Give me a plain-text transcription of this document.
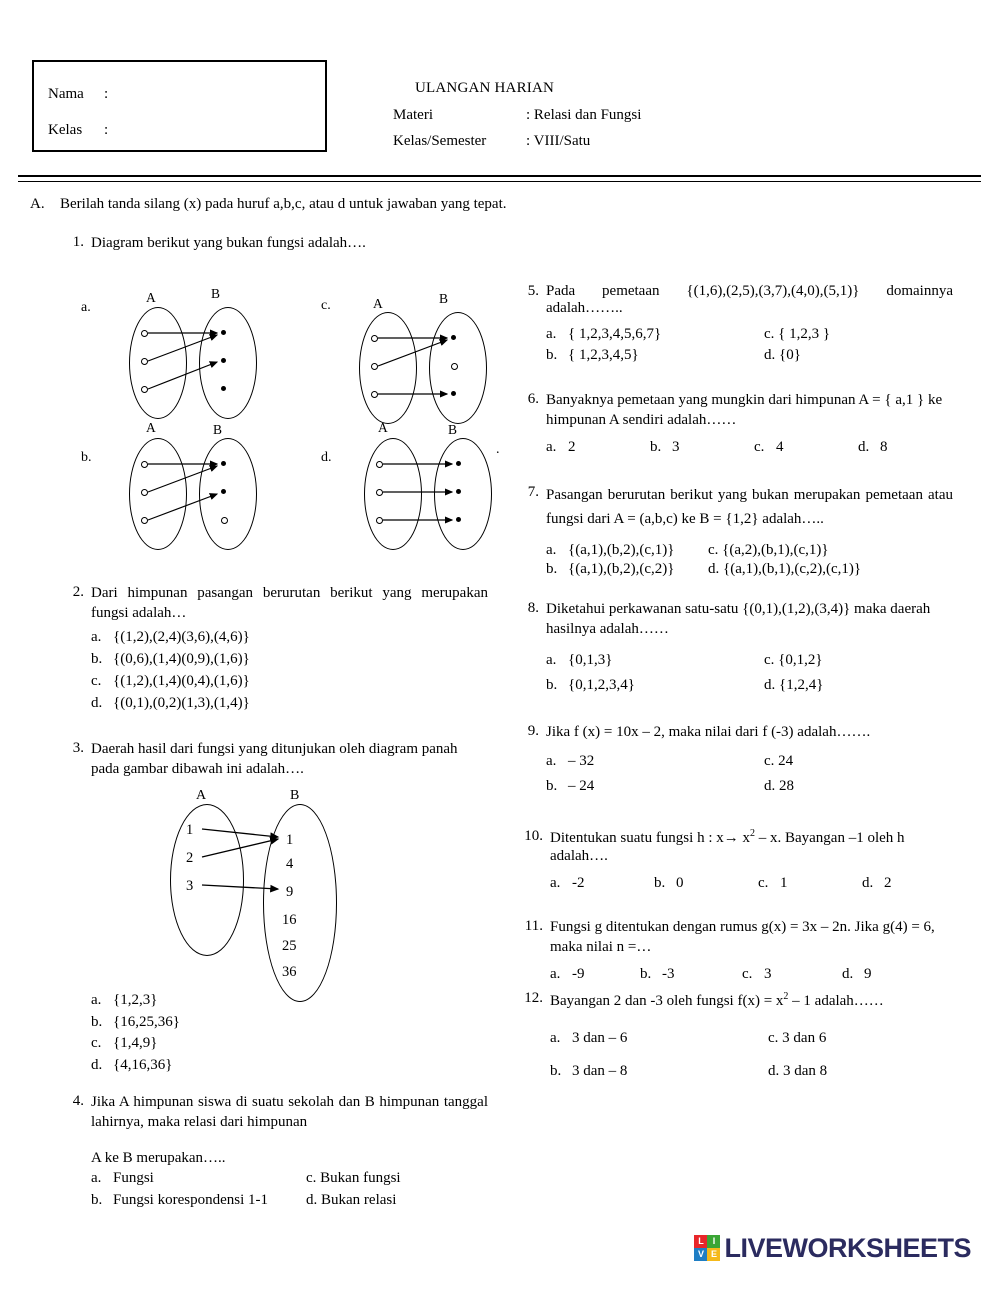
Nama :
Kelas :
ULANGAN HARIAN
Materi	: Relasi dan Fungsi
Kelas/Semester	: VIII/Satu
A. Berilah tanda silang (x) pada huruf a,b,c, atau d untuk jawaban yang tepat.
1. Diagram berikut yang bukan fungsi adalah….
a.
A	B
c.	A	B
b.
A	B
d.
.
A	B
2. Dari himpunan pasangan berurutan berikut yang merupakan fungsi adalah…
a. {(1,2),(2,4)(3,6),(4,6)}
b. {(0,6),(1,4)(0,9),(1,6)}
c. {(1,2),(1,4)(0,4),(1,6)}
d. {(0,1),(0,2)(1,3),(1,4)}
3. Daerah hasil dari fungsi yang ditunjukan oleh diagram panah pada gambar dibawah ini adalah….
A	B
1
2
3
1
4
9
16
25
36
a. {1,2,3}
b. {16,25,36}
c. {1,4,9}
d. {4,16,36}
4. Jika A himpunan siswa di suatu sekolah dan B himpunan tanggal lahirnya, maka relasi dari himpunan
A ke B merupakan…..
a. Fungsi	c. Bukan fungsi
b. Fungsi korespondensi 1-1	d. Bukan relasi
5. Pada pemetaan {(1,6),(2,5),(3,7),(4,0),(5,1)} domainnya adalah……..
a. { 1,2,3,4,5,6,7}	c. { 1,2,3 }
b. { 1,2,3,4,5}	d. {0}
6. Banyaknya pemetaan yang mungkin dari himpunan A = { a,1 } ke himpunan A sendiri adalah……
a. 2	b. 3	c. 4	d. 8
7. Pasangan berurutan berikut yang bukan merupakan pemetaan atau fungsi dari A = (a,b,c) ke B = {1,2} adalah…..
a. {(a,1),(b,2),(c,1)}	c. {(a,2),(b,1),(c,1)}
b. {(a,1),(b,2),(c,2)}	d. {(a,1),(b,1),(c,2),(c,1)}
8. Diketahui perkawanan satu-satu {(0,1),(1,2),(3,4)} maka daerah hasilnya adalah……
a. {0,1,3}	c. {0,1,2}
b. {0,1,2,3,4}	d. {1,2,4}
9. Jika f (x) = 10x – 2, maka nilai dari f (-3) adalah…….
a. – 32	c. 24
b. – 24	d. 28
10. Ditentukan suatu fungsi h : $x\to x^2 - x$. Bayangan –1 oleh h adalah….
a. -2	b. 0	c. 1	d. 2
11. Fungsi g ditentukan dengan rumus g(x) = 3x – 2n. Jika g(4) = 6, maka nilai n =…
a. -9	b. -3	c. 3	d. 9
12. Bayangan 2 dan -3 oleh fungsi $f(x) = x^2 - 1$ adalah……
a. 3 dan – 6	c. 3 dan 6
b. 3 dan – 8	d. 3 dan 8
L I
V E LIVEWORKSHEETS
